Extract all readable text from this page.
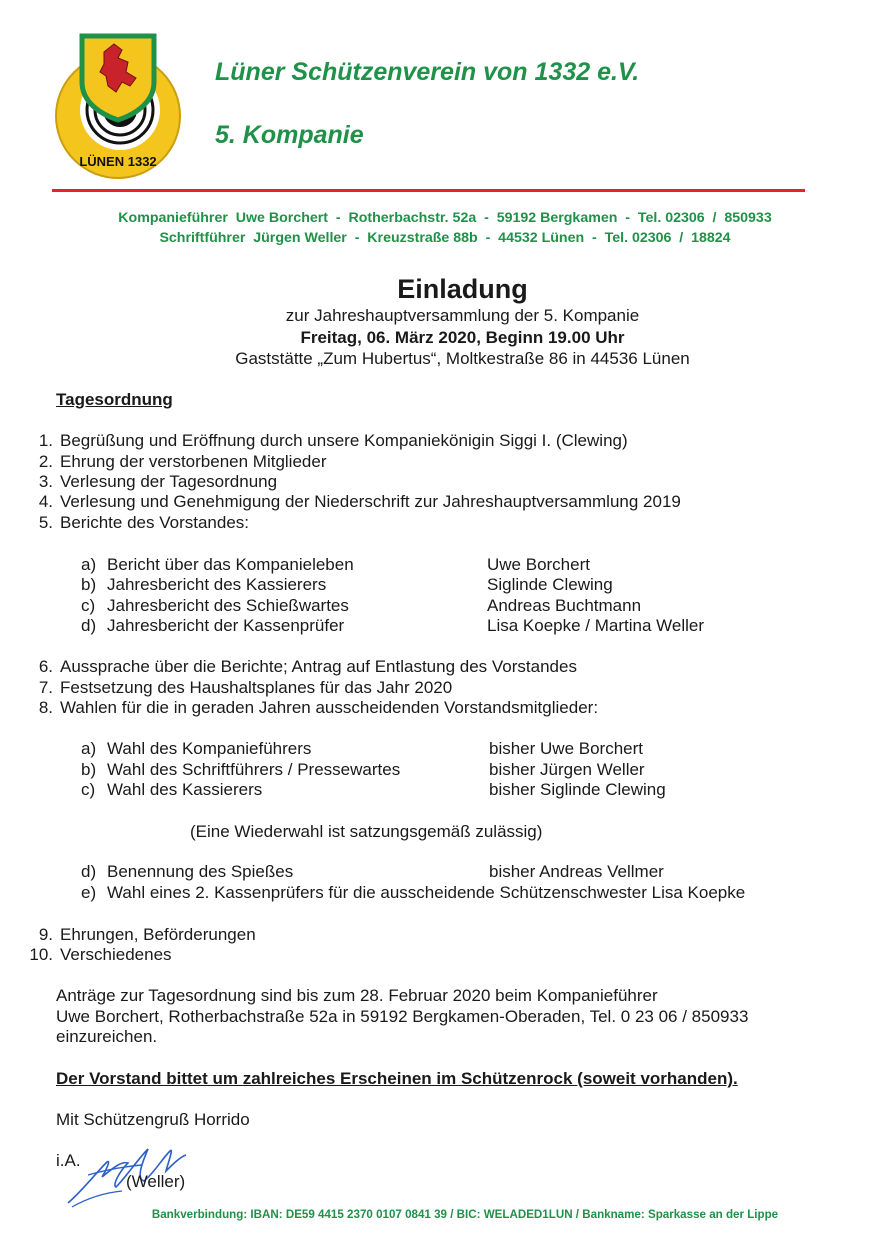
LÜNEN 1332
Lüner Schützenverein von 1332 e.V.
5. Kompanie
Kompanieführer  Uwe Borchert  -  Rotherbachstr. 52a  -  59192 Bergkamen  -  Tel. 02306  /  850933
Schriftführer  Jürgen Weller  -  Kreuzstraße 88b  -  44532 Lünen  -  Tel. 02306  /  18824
Einladung
zur Jahreshauptversammlung der 5. Kompanie
Freitag, 06. März 2020, Beginn 19.00 Uhr
Gaststätte „Zum Hubertus“, Moltkestraße 86 in 44536 Lünen
Tagesordnung
1. Begrüßung und Eröffnung durch unsere Kompaniekönigin Siggi I. (Clewing)
2. Ehrung der verstorbenen Mitglieder
3. Verlesung der Tagesordnung
4. Verlesung und Genehmigung der Niederschrift zur Jahreshauptversammlung 2019
5. Berichte des Vorstandes:
a) Bericht über das Kompanieleben	Uwe Borchert
b) Jahresbericht des Kassierers	Siglinde Clewing
c) Jahresbericht des Schießwartes	Andreas Buchtmann
d) Jahresbericht der Kassenprüfer	Lisa Koepke / Martina Weller
6. Aussprache über die Berichte; Antrag auf Entlastung des Vorstandes
7. Festsetzung des Haushaltsplanes für das Jahr 2020
8. Wahlen für die in geraden Jahren ausscheidenden Vorstandsmitglieder:
a) Wahl des Kompanieführers	bisher Uwe Borchert
b) Wahl des Schriftführers / Pressewartes	bisher Jürgen Weller
c) Wahl des Kassierers	bisher Siglinde Clewing
(Eine Wiederwahl ist satzungsgemäß zulässig)
d) Benennung des Spießes	bisher Andreas Vellmer
e) Wahl eines 2. Kassenprüfers für die ausscheidende Schützenschwester Lisa Koepke
9. Ehrungen, Beförderungen
10. Verschiedenes
Anträge zur Tagesordnung sind bis zum 28. Februar 2020 beim Kompanieführer
Uwe Borchert, Rotherbachstraße 52a in 59192 Bergkamen-Oberaden, Tel. 0 23 06 / 850933
einzureichen.
Der Vorstand bittet um zahlreiches Erscheinen im Schützenrock (soweit vorhanden).
Mit Schützengruß Horrido
i.A.
(Weller)
Bankverbindung: IBAN: DE59 4415 2370 0107 0841 39 / BIC: WELADED1LUN / Bankname: Sparkasse an der Lippe
